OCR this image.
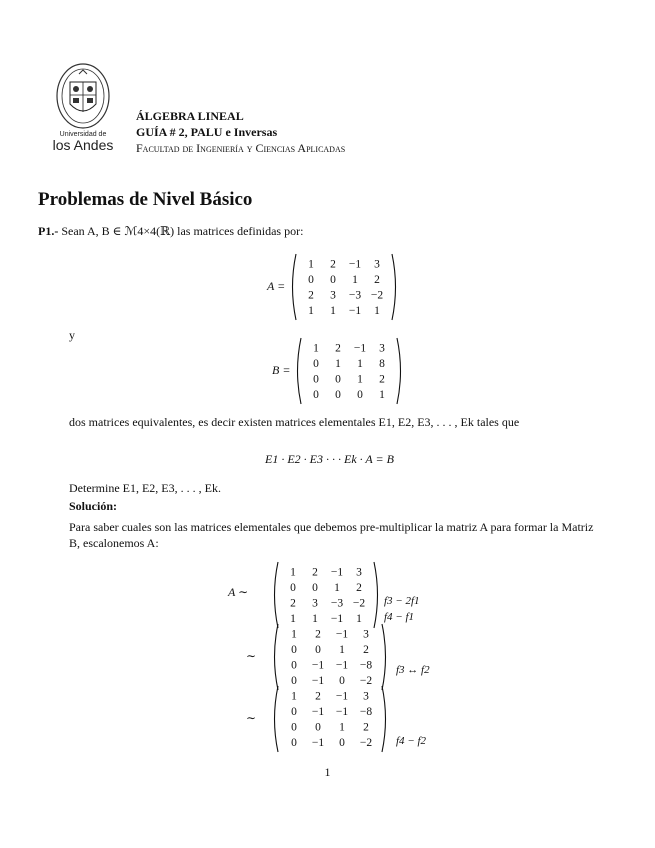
Universidad de
los Andes
ÁLGEBRA LINEAL
GUÍA # 2, PALU e Inversas
Facultad de Ingeniería y Ciencias Aplicadas
Problemas de Nivel Básico
P1.- Sean A, B ∈ ℳ4×4(ℝ) las matrices definidas por:
A =
1 2 −1 3
0 0 1 2
2 3 −3 −2
1 1 −1 1
y
B =
1 2 −1 3
0 1 1 8
0 0 1 2
0 0 0 1
dos matrices equivalentes, es decir existen matrices elementales E1, E2, E3, . . . , Ek tales que
E1 · E2 · E3 · · · Ek · A = B
Determine E1, E2, E3, . . . , Ek.
Solución:
Para saber cuales son las matrices elementales que debemos pre-multiplicar la matriz A para formar la Matriz B, escalonemos A:
A ∼
1 2 −1 3
0 0 1 2
2 3 −3 −2
1 1 −1 1
f3 − 2f1
f4 − f1
∼
1 2 −1 3
0 0 1 2
0 −1 −1 −8
0 −1 0 −2
f3 ↔ f2
∼
1 2 −1 3
0 −1 −1 −8
0 0 1 2
0 −1 0 −2 f4 − f2
1
